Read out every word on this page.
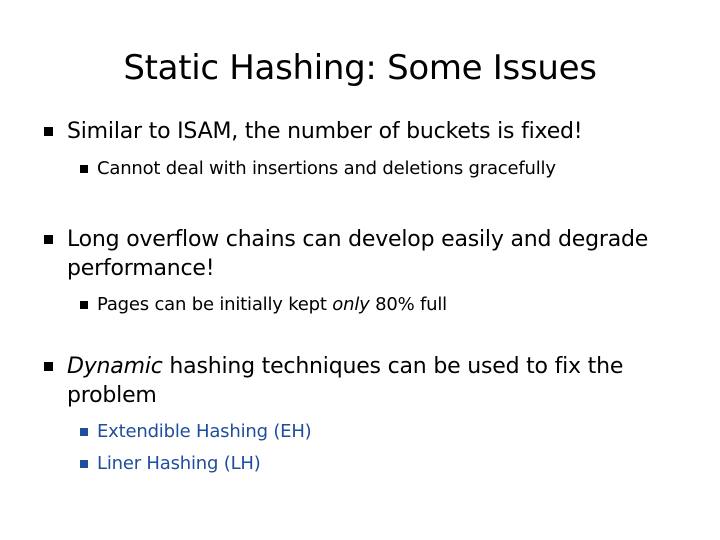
Static Hashing: Some Issues
Similar to ISAM, the number of buckets is fixed!
Cannot deal with insertions and deletions gracefully
Long overflow chains can develop easily and degrade performance!
Pages can be initially kept only 80% full
Dynamic hashing techniques can be used to fix the problem
Extendible Hashing (EH)
Liner Hashing (LH)
